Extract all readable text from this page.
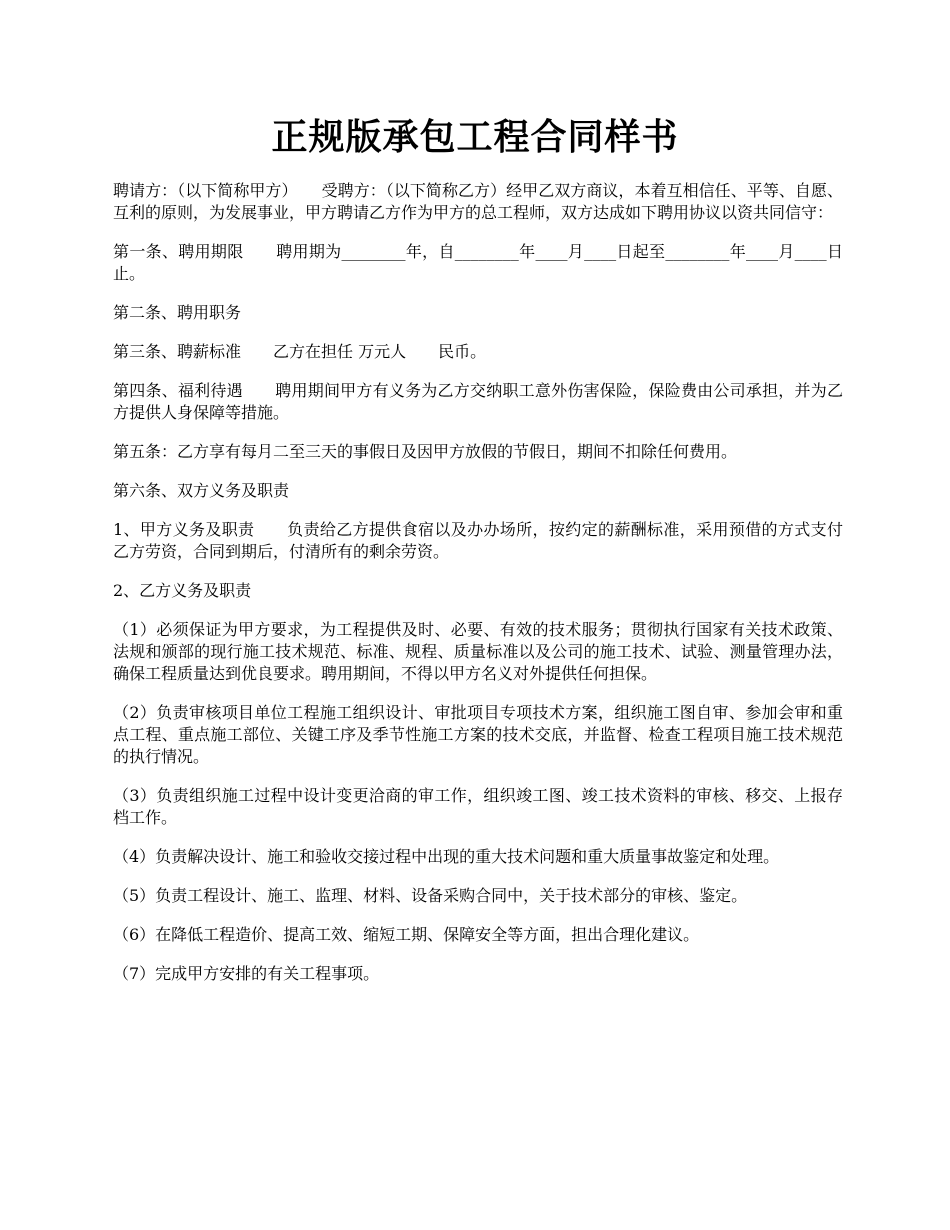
正规版承包工程合同样书

聘请方：（以下简称甲方）　　受聘方：（以下简称乙方）经甲乙双方商议，本着互相信任、平等、自愿、互利的原则，为发展事业，甲方聘请乙方作为甲方的总工程师，双方达成如下聘用协议以资共同信守：

第一条、聘用期限　　聘用期为________年，自________年____月____日起至________年____月____日止。

第二条、聘用职务

第三条、聘薪标准　　乙方在担任 万元人　　民币。

第四条、福利待遇　　聘用期间甲方有义务为乙方交纳职工意外伤害保险，保险费由公司承担，并为乙方提供人身保障等措施。

第五条：乙方享有每月二至三天的事假日及因甲方放假的节假日，期间不扣除任何费用。

第六条、双方义务及职责

1、甲方义务及职责　　负责给乙方提供食宿以及办办场所，按约定的薪酬标准，采用预借的方式支付乙方劳资，合同到期后，付清所有的剩余劳资。

2、乙方义务及职责

（1）必须保证为甲方要求，为工程提供及时、必要、有效的技术服务；贯彻执行国家有关技术政策、法规和颁部的现行施工技术规范、标准、规程、质量标准以及公司的施工技术、试验、测量管理办法，确保工程质量达到优良要求。聘用期间，不得以甲方名义对外提供任何担保。

（2）负责审核项目单位工程施工组织设计、审批项目专项技术方案，组织施工图自审、参加会审和重点工程、重点施工部位、关键工序及季节性施工方案的技术交底，并监督、检查工程项目施工技术规范的执行情况。

（3）负责组织施工过程中设计变更洽商的审工作，组织竣工图、竣工技术资料的审核、移交、上报存档工作。

（4）负责解决设计、施工和验收交接过程中出现的重大技术问题和重大质量事故鉴定和处理。

（5）负责工程设计、施工、监理、材料、设备采购合同中，关于技术部分的审核、鉴定。

（6）在降低工程造价、提高工效、缩短工期、保障安全等方面，担出合理化建议。

（7）完成甲方安排的有关工程事项。
